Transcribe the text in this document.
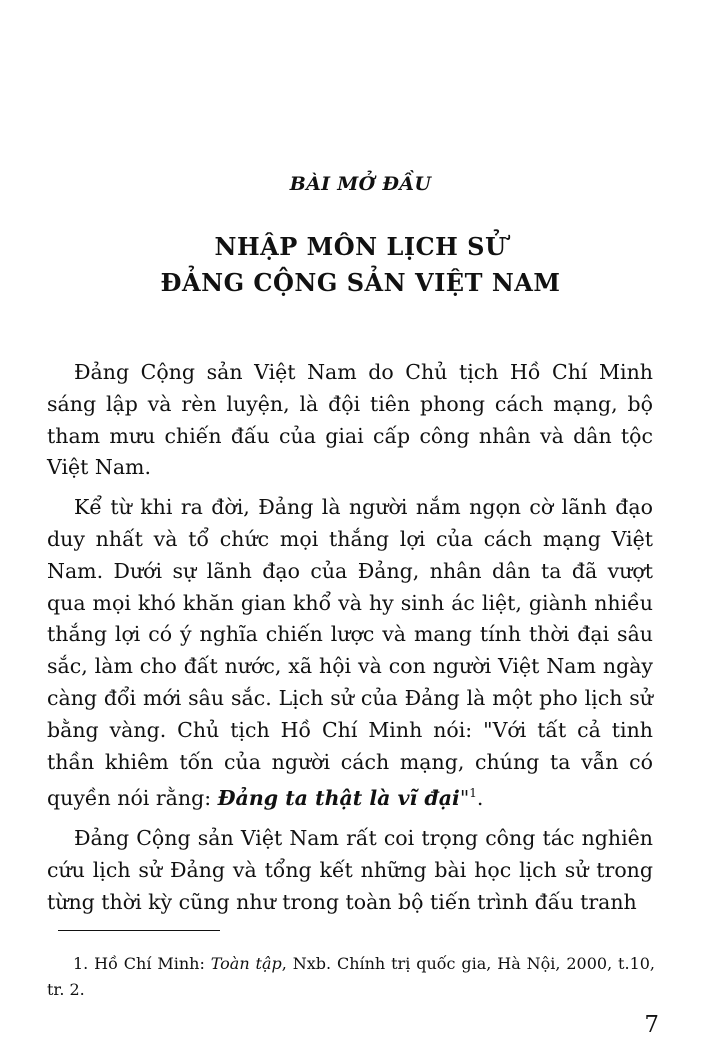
BÀI MỞ ĐẦU
NHẬP MÔN LỊCH SỬ
ĐẢNG CỘNG SẢN VIỆT NAM

Đảng Cộng sản Việt Nam do Chủ tịch Hồ Chí Minh sáng lập và rèn luyện, là đội tiên phong cách mạng, bộ tham mưu chiến đấu của giai cấp công nhân và dân tộc Việt Nam.

Kể từ khi ra đời, Đảng là người nắm ngọn cờ lãnh đạo duy nhất và tổ chức mọi thắng lợi của cách mạng Việt Nam. Dưới sự lãnh đạo của Đảng, nhân dân ta đã vượt qua mọi khó khăn gian khổ và hy sinh ác liệt, giành nhiều thắng lợi có ý nghĩa chiến lược và mang tính thời đại sâu sắc, làm cho đất nước, xã hội và con người Việt Nam ngày càng đổi mới sâu sắc. Lịch sử của Đảng là một pho lịch sử bằng vàng. Chủ tịch Hồ Chí Minh nói: "Với tất cả tinh thần khiêm tốn của người cách mạng, chúng ta vẫn có quyền nói rằng: Đảng ta thật là vĩ đại"$^1$.

Đảng Cộng sản Việt Nam rất coi trọng công tác nghiên cứu lịch sử Đảng và tổng kết những bài học lịch sử trong từng thời kỳ cũng như trong toàn bộ tiến trình đấu tranh

1. Hồ Chí Minh: Toàn tập, Nxb. Chính trị quốc gia, Hà Nội, 2000, t.10, tr. 2.
7
